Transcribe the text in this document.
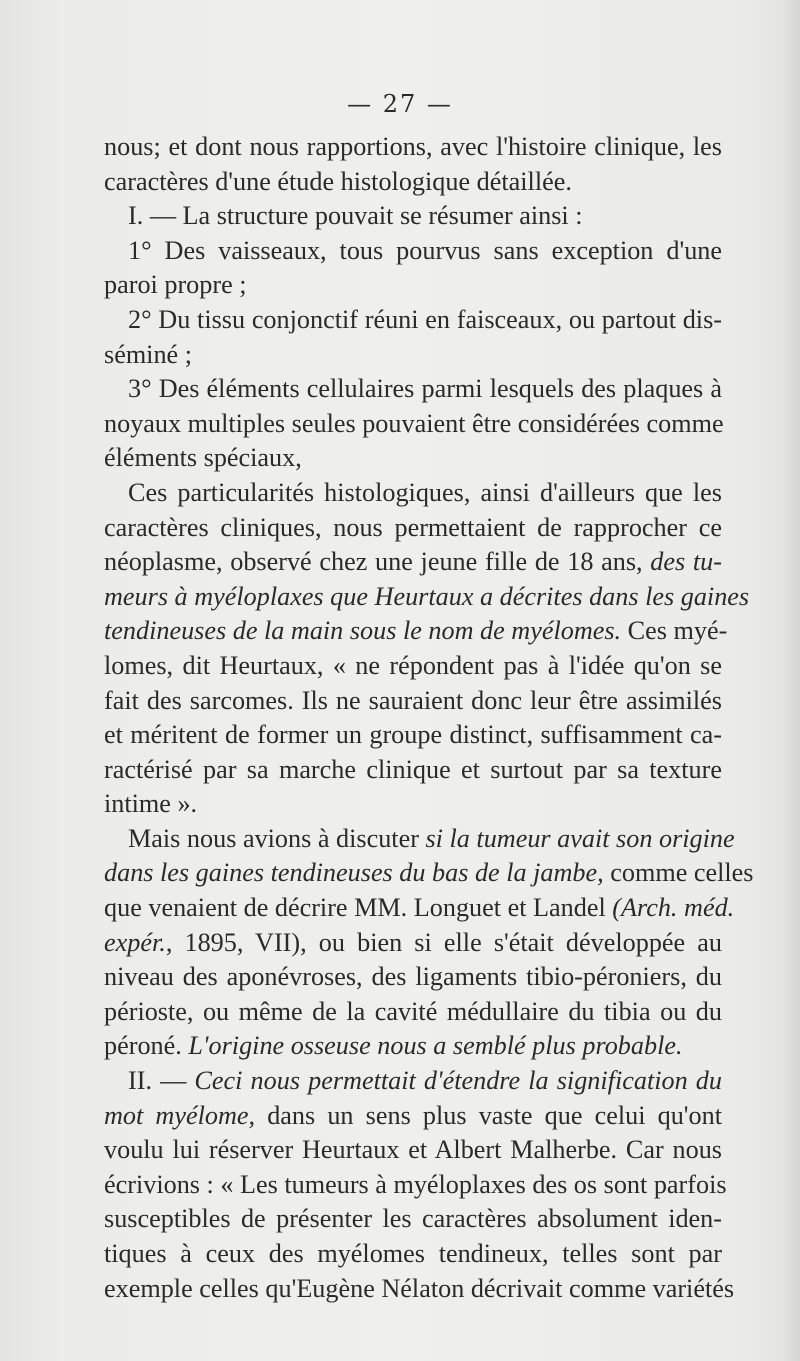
— 27 —
nous; et dont nous rapportions, avec l'histoire clinique, les
caractères d'une étude histologique détaillée.
I. — La structure pouvait se résumer ainsi :
1° Des vaisseaux, tous pourvus sans exception d'une
paroi propre ;
2° Du tissu conjonctif réuni en faisceaux, ou partout dis-
séminé ;
3° Des éléments cellulaires parmi lesquels des plaques à
noyaux multiples seules pouvaient être considérées comme
éléments spéciaux,
Ces particularités histologiques, ainsi d'ailleurs que les
caractères cliniques, nous permettaient de rapprocher ce
néoplasme, observé chez une jeune fille de 18 ans, des tu-
meurs à myéloplaxes que Heurtaux a décrites dans les gaines
tendineuses de la main sous le nom de myélomes. Ces myé-
lomes, dit Heurtaux, « ne répondent pas à l'idée qu'on se
fait des sarcomes. Ils ne sauraient donc leur être assimilés
et méritent de former un groupe distinct, suffisamment ca-
ractérisé par sa marche clinique et surtout par sa texture
intime ».
Mais nous avions à discuter si la tumeur avait son origine
dans les gaines tendineuses du bas de la jambe, comme celles
que venaient de décrire MM. Longuet et Landel (Arch. méd.
expér., 1895, VII), ou bien si elle s'était développée au
niveau des aponévroses, des ligaments tibio-péroniers, du
périoste, ou même de la cavité médullaire du tibia ou du
péroné. L'origine osseuse nous a semblé plus probable.
II. — Ceci nous permettait d'étendre la signification du
mot myélome, dans un sens plus vaste que celui qu'ont
voulu lui réserver Heurtaux et Albert Malherbe. Car nous
écrivions : « Les tumeurs à myéloplaxes des os sont parfois
susceptibles de présenter les caractères absolument iden-
tiques à ceux des myélomes tendineux, telles sont par
exemple celles qu'Eugène Nélaton décrivait comme variétés
